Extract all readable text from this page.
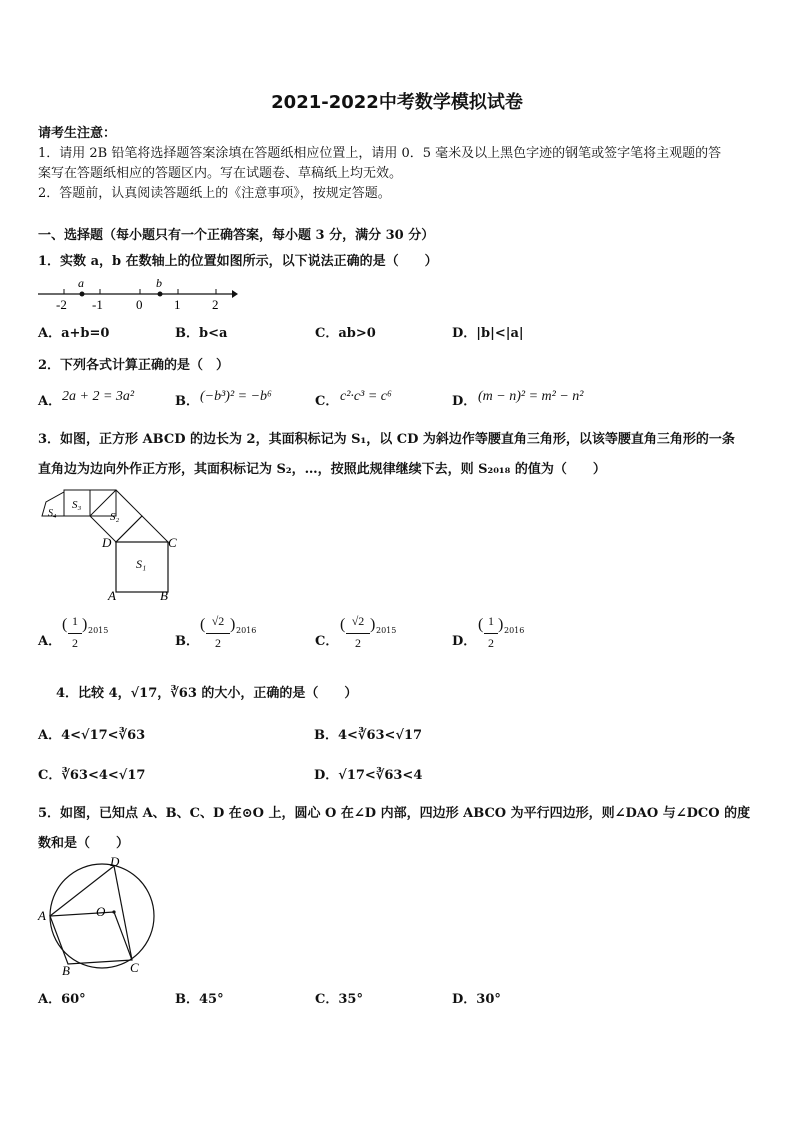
2021-2022中考数学模拟试卷
请考生注意：
1．请用 2B 铅笔将选择题答案涂填在答题纸相应位置上，请用 0．5 毫米及以上黑色字迹的钢笔或签字笔将主观题的答
案写在答题纸相应的答题区内。写在试题卷、草稿纸上均无效。
2．答题前，认真阅读答题纸上的《注意事项》，按规定答题。
一、选择题（每小题只有一个正确答案，每小题 3 分，满分 30 分）
1．实数 a，b 在数轴上的位置如图所示，以下说法正确的是（　　）
a	b
-2 -1	0 1 2
A．a+b=0	B．b<a	C．ab>0	D．|b|<|a|
2．下列各式计算正确的是（　）
A． 2a + 2 = 3a²	B． (−b³)² = −b⁶	C． c²·c³ = c⁶	D． (m − n)² = m² − n²
3．如图，正方形 ABCD 的边长为 2，其面积标记为 S₁，以 CD 为斜边作等腰直角三角形，以该等腰直角三角形的一条
直角边为边向外作正方形，其面积标记为 S₂，…，按照此规律继续下去，则 S₂₀₁₈ 的值为（　　）
S₁
S₂
S₃
S₄
D	C
A	B
A．	B．	C．	D．
( 1
2
) 2015	( √2
2
) 2016	( √2
2
) 2015	( 1
2
) 2016
4．比较 4，√17，∛63 的大小，正确的是（　　）
A．4<√17<∛63	B．4<∛63<√17
C．∛63<4<√17	D．√17<∛63<4
5．如图，已知点 A、B、C、D 在⊙O 上，圆心 O 在∠D 内部，四边形 ABCO 为平行四边形，则∠DAO 与∠DCO 的度
数和是（　　）
A
B	C
D
O
A．60°	B．45°	C．35°	D．30°
